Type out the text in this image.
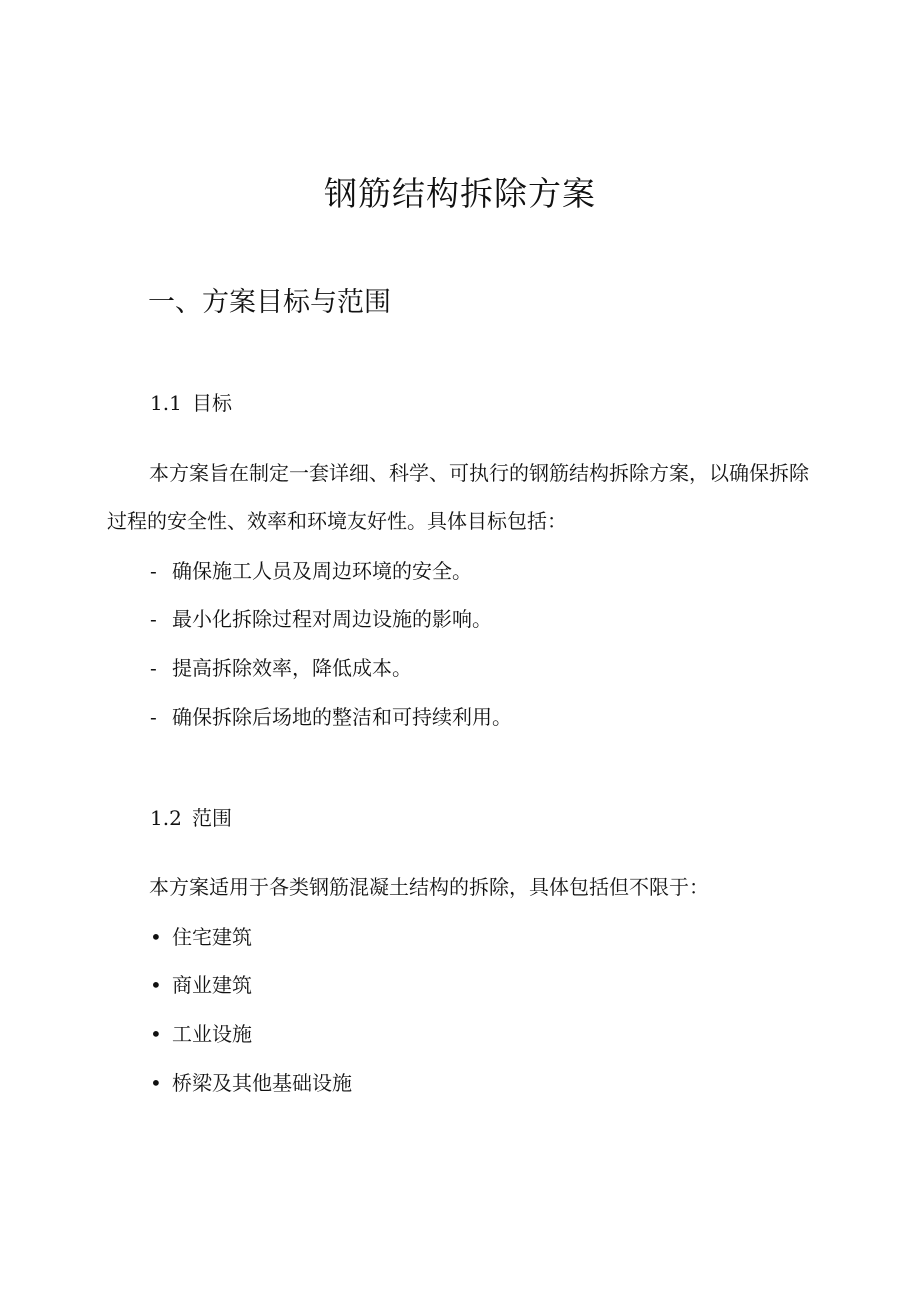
钢筋结构拆除方案
一、方案目标与范围
1.1 目标

本方案旨在制定一套详细、科学、可执行的钢筋结构拆除方案，以确保拆除过程的安全性、效率和环境友好性。具体目标包括：

- 确保施工人员及周边环境的安全。

- 最小化拆除过程对周边设施的影响。

- 提高拆除效率，降低成本。

- 确保拆除后场地的整洁和可持续利用。

1.2 范围

本方案适用于各类钢筋混凝土结构的拆除，具体包括但不限于：

• 住宅建筑

• 商业建筑

• 工业设施

• 桥梁及其他基础设施
